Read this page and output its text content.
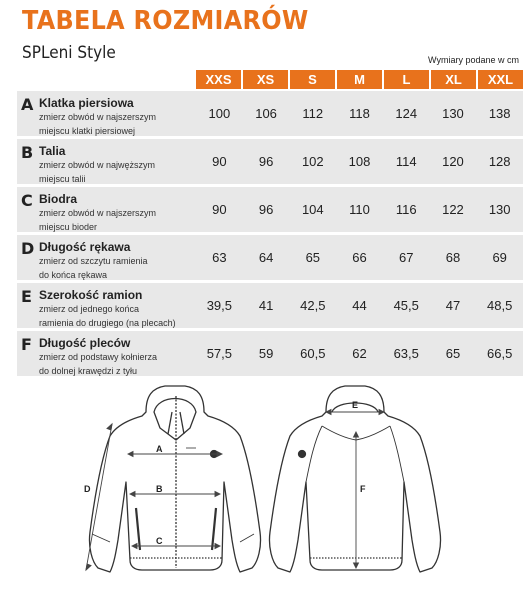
TABELA ROZMIARÓW
SPLeni Style	Wymiary podane w cm
XXS	XS	S	M	L	XL	XXL
A Klatka piersiowa
zmierz obwód w najszerszym
miejscu klatki piersiowej
100	106	112	118	124	130	138
B Talia
zmierz obwód w najwęższym
miejscu talii
90	96	102	108	114	120	128
C Biodra
zmierz obwód w najszerszym
miejscu bioder
90	96	104	110	116	122	130
D Długość rękawa
zmierz od szczytu ramienia
do końca rękawa
63	64	65	66	67	68	69
E Szerokość ramion
zmierz od jednego końca
ramienia do drugiego (na plecach)
39,5	41	42,5	44	45,5	47	48,5
F Długość pleców
zmierz od podstawy kołnierza
do dolnej krawędzi z tyłu
57,5	59	60,5	62	63,5	65	66,5
A
B
C
D
E
F
